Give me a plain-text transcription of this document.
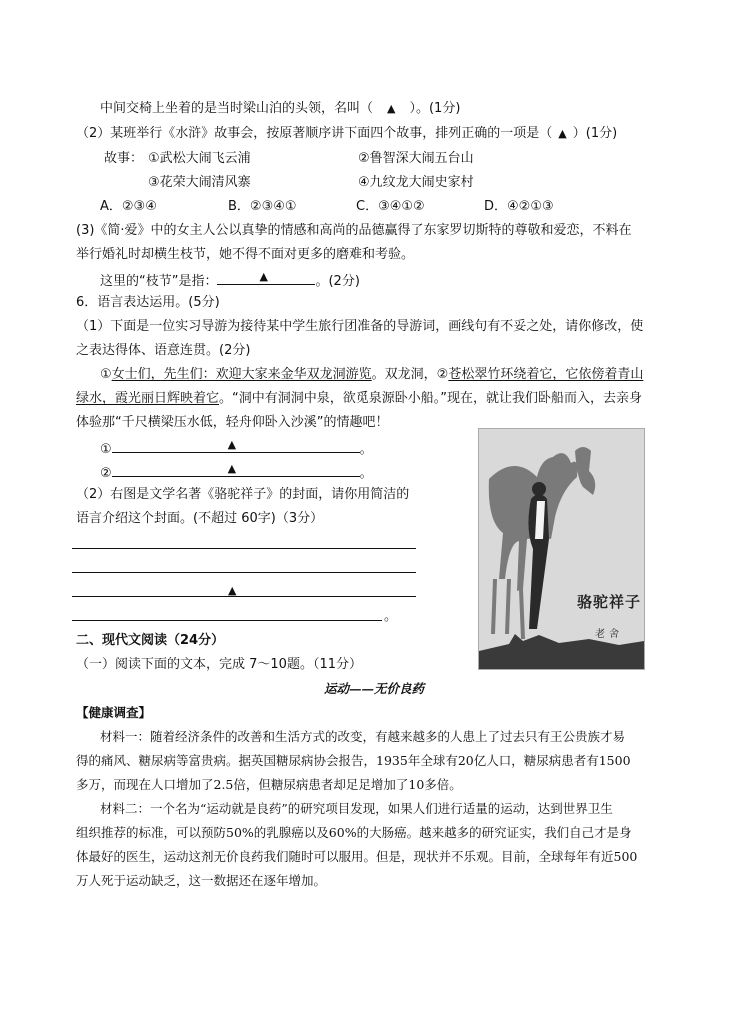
中间交椅上坐着的是当时梁山泊的头领，名叫（ ▲ ）。(1分)
（2）某班举行《水浒》故事会，按原著顺序讲下面四个故事，排列正确的一项是（ ▲ ）(1分)
故事： ①武松大闹飞云浦	②鲁智深大闹五台山
③花荣大闹清风寨	④九纹龙大闹史家村
A．②③④	B．②③④①	C．③④①②	D．④②①③
(3)《简·爱》中的女主人公以真挚的情感和高尚的品德赢得了东家罗切斯特的尊敬和爱恋，不料在
举行婚礼时却横生枝节，她不得不面对更多的磨难和考验。
这里的“枝节”是指：	▲	。(2分)
6．语言表达运用。(5分)
（1）下面是一位实习导游为接待某中学生旅行团准备的导游词，画线句有不妥之处，请你修改，使
之表达得体、语意连贯。(2分)
①女士们，先生们：欢迎大家来金华双龙洞游览。双龙洞，②苍松翠竹环绕着它，它依傍着青山
绿水，霞光丽日辉映着它。“洞中有洞洞中泉，欲觅泉源卧小船。”现在，就让我们卧船而入，去亲身
体验那“千尺横梁压水低，轻舟仰卧入沙溪”的情趣吧！
①	▲	。
②	▲	。
（2）右图是文学名著《骆驼祥子》的封面，请你用简洁的
语言介绍这个封面。(不超过 60字)（3分）
▲
。
骆驼祥子
老舍
二、现代文阅读（24分）
（一）阅读下面的文本，完成 7～10题。（11分）
运动——无价良药
【健康调查】
材料一：随着经济条件的改善和生活方式的改变，有越来越多的人患上了过去只有王公贵族才易
得的痛风、糖尿病等富贵病。据英国糖尿病协会报告，1935年全球有20亿人口，糖尿病患者有1500
多万，而现在人口增加了2.5倍，但糖尿病患者却足足增加了10多倍。
材料二：一个名为“运动就是良药”的研究项目发现，如果人们进行适量的运动，达到世界卫生
组织推荐的标准，可以预防50%的乳腺癌以及60%的大肠癌。越来越多的研究证实，我们自己才是身
体最好的医生，运动这剂无价良药我们随时可以服用。但是，现状并不乐观。目前，全球每年有近500
万人死于运动缺乏，这一数据还在逐年增加。
